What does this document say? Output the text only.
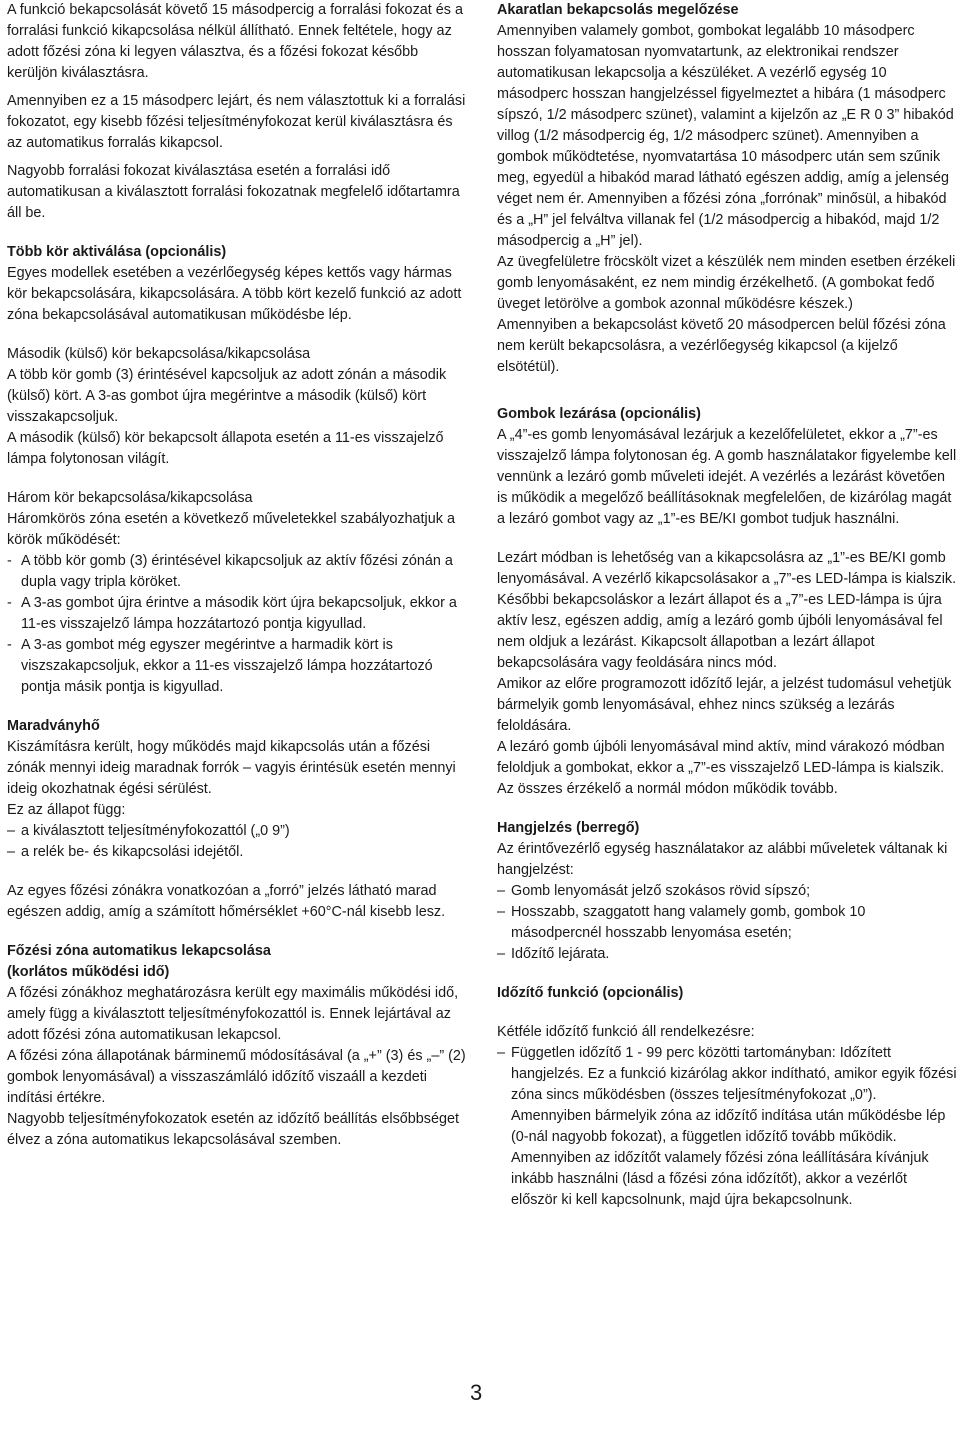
A funkció bekapcsolását követő 15 másodpercig a forralási fokozat és a forralási funkció kikapcsolása nélkül állítható. Ennek feltétele, hogy az adott főzési zóna ki legyen választva, és a főzési fokozat később kerüljön kiválasztásra.

Amennyiben ez a 15 másodperc lejárt, és nem választottuk ki a forralási fokozatot, egy kisebb főzési teljesítményfokozat kerül kiválasztásra és az automatikus forralás kikapcsol.

Nagyobb forralási fokozat kiválasztása esetén a forralási idő automatikusan a kiválasztott forralási fokozatnak megfelelő időtartamra áll be.

Több kör aktiválása (opcionális)

Egyes modellek esetében a vezérlőegység képes kettős vagy hármas kör bekapcsolására, kikapcsolására. A több kört kezelő funkció az adott zóna bekapcsolásával automatikusan működésbe lép.

Második (külső) kör bekapcsolása/kikapcsolása

A több kör gomb (3) érintésével kapcsoljuk az adott zónán a második (külső) kört. A 3-as gombot újra megérintve a második (külső) kört visszakapcsoljuk.

A második (külső) kör bekapcsolt állapota esetén a 11-es visszajelző lámpa folytonosan világít.

Három kör bekapcsolása/kikapcsolása

Háromkörös zóna esetén a következő műveletekkel szabályozhatjuk a körök működését:

- A több kör gomb (3) érintésével kikapcsoljuk az aktív főzési zónán a dupla vagy tripla köröket.
- A 3-as gombot újra érintve a második kört újra bekapcsoljuk, ekkor a 11-es visszajelző lámpa hozzátartozó pontja kigyullad.
- A 3-as gombot még egyszer megérintve a harmadik kört is viszszakapcsoljuk, ekkor a 11-es visszajelző lámpa hozzátartozó pontja másik pontja is kigyullad.

Maradványhő

Kiszámításra került, hogy működés majd kikapcsolás után a főzési zónák mennyi ideig maradnak forrók – vagyis érintésük esetén mennyi ideig okozhatnak égési sérülést.

Ez az állapot függ:

– a kiválasztott teljesítményfokozattól („0 9”)
– a relék be- és kikapcsolási idejétől.

Az egyes főzési zónákra vonatkozóan a „forró” jelzés látható marad egészen addig, amíg a számított hőmérséklet +60°C-nál kisebb lesz.

Főzési zóna automatikus lekapcsolása

(korlátos működési idő)

A főzési zónákhoz meghatározásra került egy maximális működési idő, amely függ a kiválasztott teljesítményfokozattól is. Ennek lejártával az adott főzési zóna automatikusan lekapcsol.

A főzési zóna állapotának bárminemű módosításával (a „+” (3) és „–” (2) gombok lenyomásával) a visszaszámláló időzítő viszaáll a kezdeti indítási értékre.

Nagyobb teljesítményfokozatok esetén az időzítő beállítás elsőbbséget élvez a zóna automatikus lekapcsolásával szemben.

Akaratlan bekapcsolás megelőzése

Amennyiben valamely gombot, gombokat legalább 10 másodperc hosszan folyamatosan nyomvatartunk, az elektronikai rendszer automatikusan lekapcsolja a készüléket. A vezérlő egység 10 másodperc hosszan hangjelzéssel figyelmeztet a hibára (1 másodperc sípszó, 1/2 másodperc szünet), valamint a kijelzőn az „E R 0 3” hibakód villog (1/2 másodpercig ég, 1/2 másodperc szünet). Amennyiben a gombok működtetése, nyomvatartása 10 másodperc után sem szűnik meg, egyedül a hibakód marad látható egészen addig, amíg a jelenség véget nem ér. Amennyiben a főzési zóna „forrónak” minősül, a hibakód és a „H” jel felváltva villanak fel (1/2 másodpercig a hibakód, majd 1/2 másodpercig a „H” jel).

Az üvegfelületre fröcskölt vizet a készülék nem minden esetben érzékeli gomb lenyomásaként, ez nem mindig érzékelhető. (A gombokat fedő üveget letörölve a gombok azonnal működésre készek.)

Amennyiben a bekapcsolást követő 20 másodpercen belül főzési zóna nem került bekapcsolásra, a vezérlőegység kikapcsol (a kijelző elsötétül).

Gombok lezárása (opcionális)

A „4”-es gomb lenyomásával lezárjuk a kezelőfelületet, ekkor a „7”-es visszajelző lámpa folytonosan ég. A gomb használatakor figyelembe kell vennünk a lezáró gomb műveleti idejét. A vezérlés a lezárást követően is működik a megelőző beállításoknak megfelelően, de kizárólag magát a lezáró gombot vagy az „1”-es BE/KI gombot tudjuk használni.

Lezárt módban is lehetőség van a kikapcsolásra az „1”-es BE/KI gomb lenyomásával. A vezérlő kikapcsolásakor a „7”-es LED-lámpa is kialszik. Későbbi bekapcsoláskor a lezárt állapot és a „7”-es LED-lámpa is újra aktív lesz, egészen addig, amíg a lezáró gomb újbóli lenyomásával fel nem oldjuk a lezárást. Kikapcsolt állapotban a lezárt állapot bekapcsolására vagy feoldására nincs mód.

Amikor az előre programozott időzítő lejár, a jelzést tudomásul vehetjük bármelyik gomb lenyomásával, ehhez nincs szükség a lezárás feloldására.

A lezáró gomb újbóli lenyomásával mind aktív, mind várakozó módban feloldjuk a gombokat, ekkor a „7”-es visszajelző LED-lámpa is kialszik. Az összes érzékelő a normál módon működik tovább.

Hangjelzés (berregő)

Az érintővezérlő egység használatakor az alábbi műveletek váltanak ki hangjelzést:

– Gomb lenyomását jelző szokásos rövid sípszó;
– Hosszabb, szaggatott hang valamely gomb, gombok 10 másodpercnél hosszabb lenyomása esetén;
– Időzítő lejárata.

Időzítő funkció (opcionális)

Kétféle időzítő funkció áll rendelkezésre:

– Független időzítő 1 - 99 perc közötti tartományban: Időzített hangjelzés. Ez a funkció kizárólag akkor indítható, amikor egyik főzési zóna sincs működésben (összes teljesítményfokozat „0”). Amennyiben bármelyik zóna az időzítő indítása után működésbe lép (0-nál nagyobb fokozat), a független időzítő tovább működik. Amennyiben az időzítőt valamely főzési zóna leállítására kívánjuk inkább használni (lásd a főzési zóna időzítőt), akkor a vezérlőt először ki kell kapcsolnunk, majd újra bekapcsolnunk.
3
